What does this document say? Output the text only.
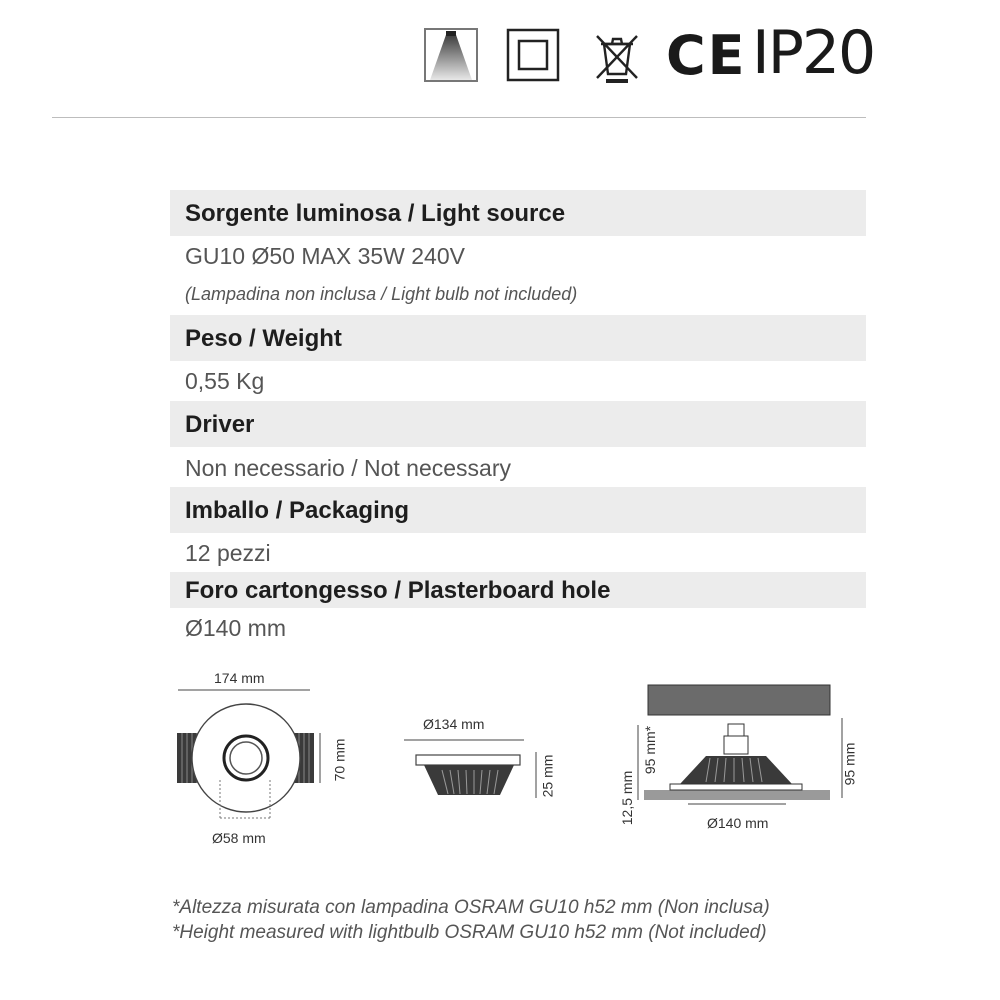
CE IP20
Sorgente luminosa / Light source
GU10 Ø50 MAX 35W 240V
(Lampadina non inclusa / Light bulb not included)
Peso / Weight
0,55 Kg
Driver
Non necessario / Not necessary
Imballo / Packaging
12 pezzi
Foro cartongesso / Plasterboard hole
Ø140 mm
174 mm
70 mm
Ø58 mm
Ø134 mm
25 mm
95 mm*
12,5 mm
95 mm
Ø140 mm
*Altezza misurata con lampadina OSRAM GU10 h52 mm (Non inclusa)
*Height measured with lightbulb OSRAM GU10 h52 mm (Not included)
